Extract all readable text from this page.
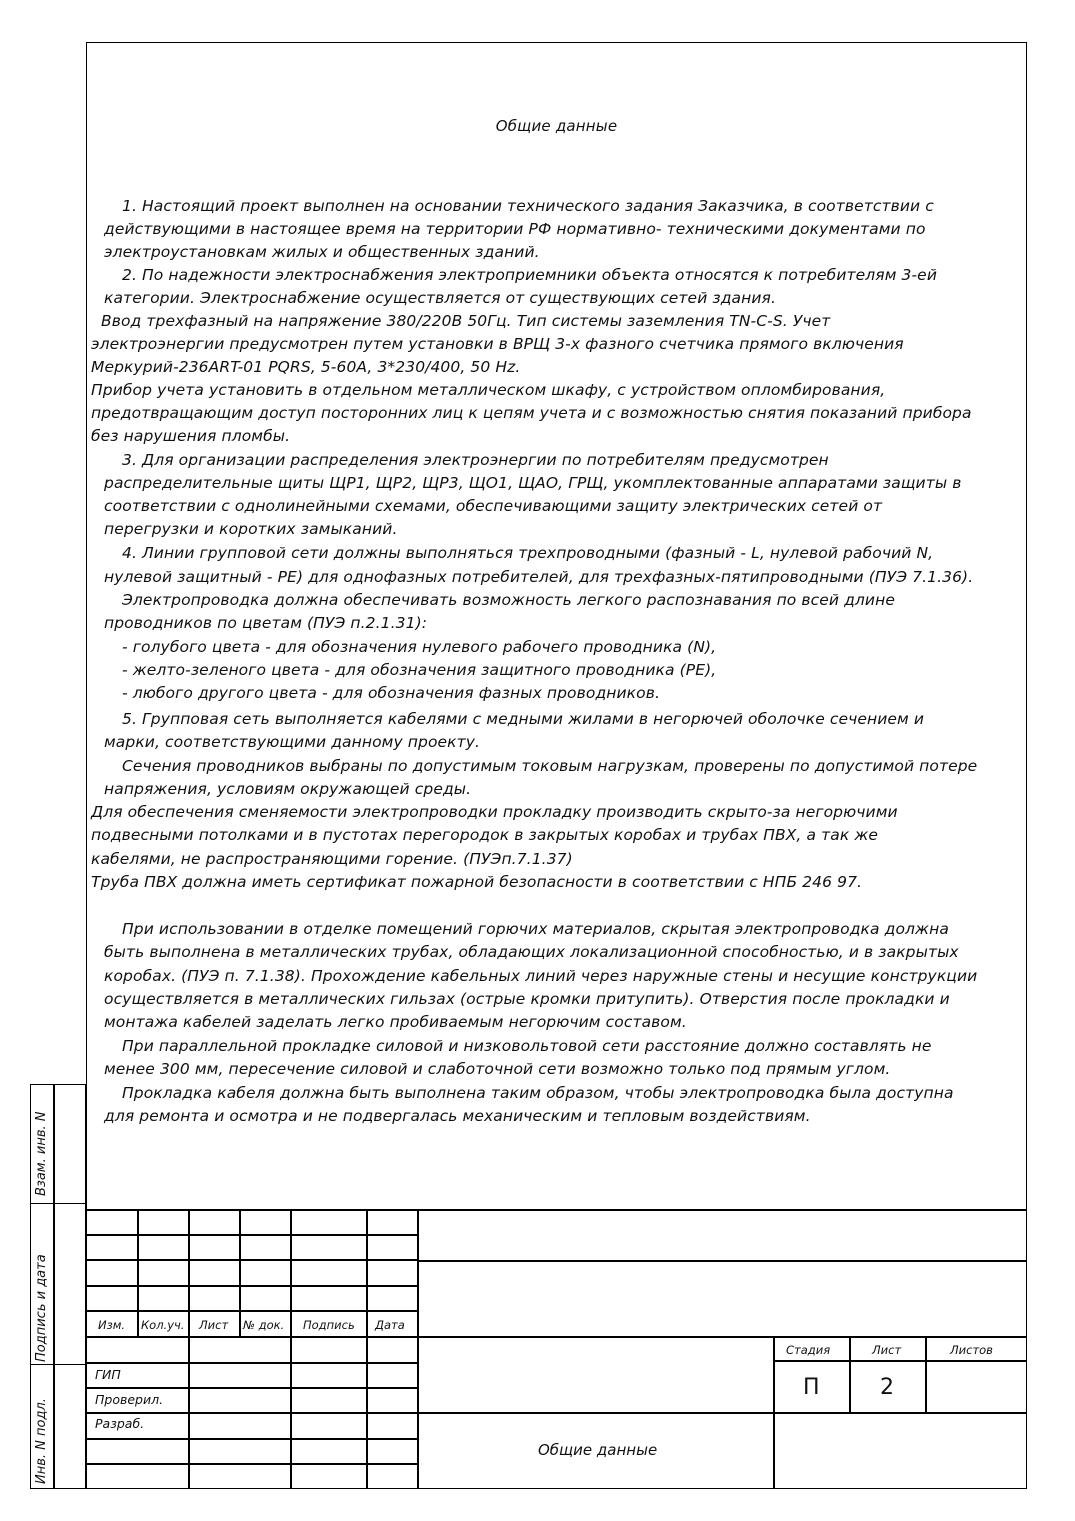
Общие данные
1. Настоящий проект выполнен на основании технического задания Заказчика, в соответствии с
действующими в настоящее время на территории РФ нормативно- техническими документами по
электроустановкам жилых и общественных зданий.
2. По надежности электроснабжения электроприемники объекта относятся к потребителям 3-ей
категории. Электроснабжение осуществляется от существующих сетей здания.
Ввод трехфазный на напряжение 380/220В 50Гц. Тип системы заземления TN-C-S. Учет
электроэнергии предусмотрен путем установки в ВРЩ 3-х фазного счетчика прямого включения
Меркурий-236ART-01 PQRS, 5-60A, 3*230/400, 50 Hz.
Прибор учета установить в отдельном металлическом шкафу, с устройством опломбирования,
предотвращающим доступ посторонних лиц к цепям учета и с возможностью снятия показаний прибора
без нарушения пломбы.
3. Для организации распределения электроэнергии по потребителям предусмотрен
распределительные щиты ЩР1, ЩР2, ЩР3, ЩО1, ЩАО, ГРЩ, укомплектованные аппаратами защиты в
соответствии с однолинейными схемами, обеспечивающими защиту электрических сетей от
перегрузки и коротких замыканий.
4. Линии групповой сети должны выполняться трехпроводными (фазный - L, нулевой рабочий N,
нулевой защитный - PE) для однофазных потребителей, для трехфазных-пятипроводными (ПУЭ 7.1.36).
Электропроводка должна обеспечивать возможность легкого распознавания по всей длине
проводников по цветам (ПУЭ п.2.1.31):
- голубого цвета - для обозначения нулевого рабочего проводника (N),
- желто-зеленого цвета - для обозначения защитного проводника (PE),
- любого другого цвета - для обозначения фазных проводников.
5. Групповая сеть выполняется кабелями с медными жилами в негорючей оболочке сечением и
марки, соответствующими данному проекту.
Сечения проводников выбраны по допустимым токовым нагрузкам, проверены по допустимой потере
напряжения, условиям окружающей среды.
Для обеспечения сменяемости электропроводки прокладку производить скрыто-за негорючими
подвесными потолками и в пустотах перегородок в закрытых коробах и трубах ПВХ, а так же
кабелями, не распространяющими горение. (ПУЭп.7.1.37)
Труба ПВХ должна иметь сертификат пожарной безопасности в соответствии с НПБ 246 97.
При использовании в отделке помещений горючих материалов, скрытая электропроводка должна
быть выполнена в металлических трубах, обладающих локализационной способностью, и в закрытых
коробах. (ПУЭ п. 7.1.38). Прохождение кабельных линий через наружные стены и несущие конструкции
осуществляется в металлических гильзах (острые кромки притупить). Отверстия после прокладки и
монтажа кабелей заделать легко пробиваемым негорючим составом.
При параллельной прокладке силовой и низковольтовой сети расстояние должно составлять не
менее 300 мм, пересечение силовой и слаботочной сети возможно только под прямым углом.
Прокладка кабеля должна быть выполнена таким образом, чтобы электропроводка была доступна
для ремонта и осмотра и не подвергалась механическим и тепловым воздействиям.
Взам. инв. N
Подпись и дата
Инв. N подл.
Изм. Кол.уч. Лист № док. Подпись Дата
ГИП
Проверил.
Разраб.
Стадия	Лист	Листов
П	2
Общие данные
